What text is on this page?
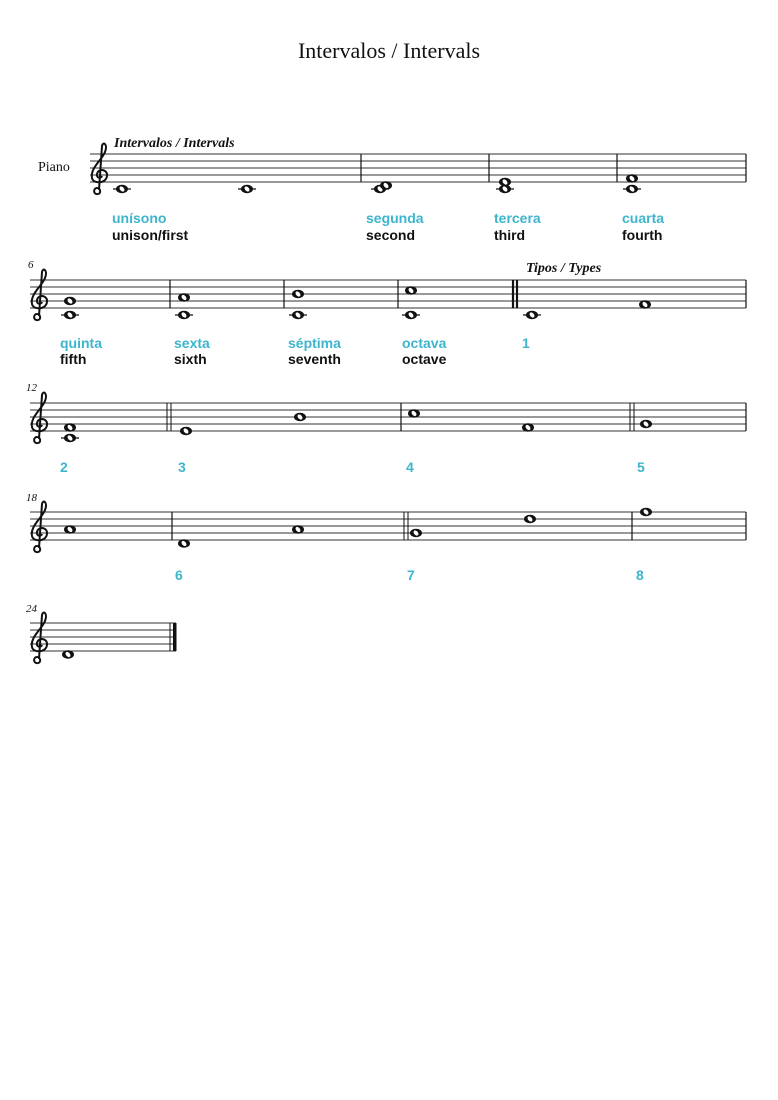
Intervalos / Intervals
Intervalos / Intervals
Piano
Tipos / Types
6
12
18
24
unísono
unison/first
segunda
second
tercera
third
cuarta
fourth
quinta
fifth
sexta
sixth
séptima
seventh
octava
octave
1
2	3	4	5
6	7	8
